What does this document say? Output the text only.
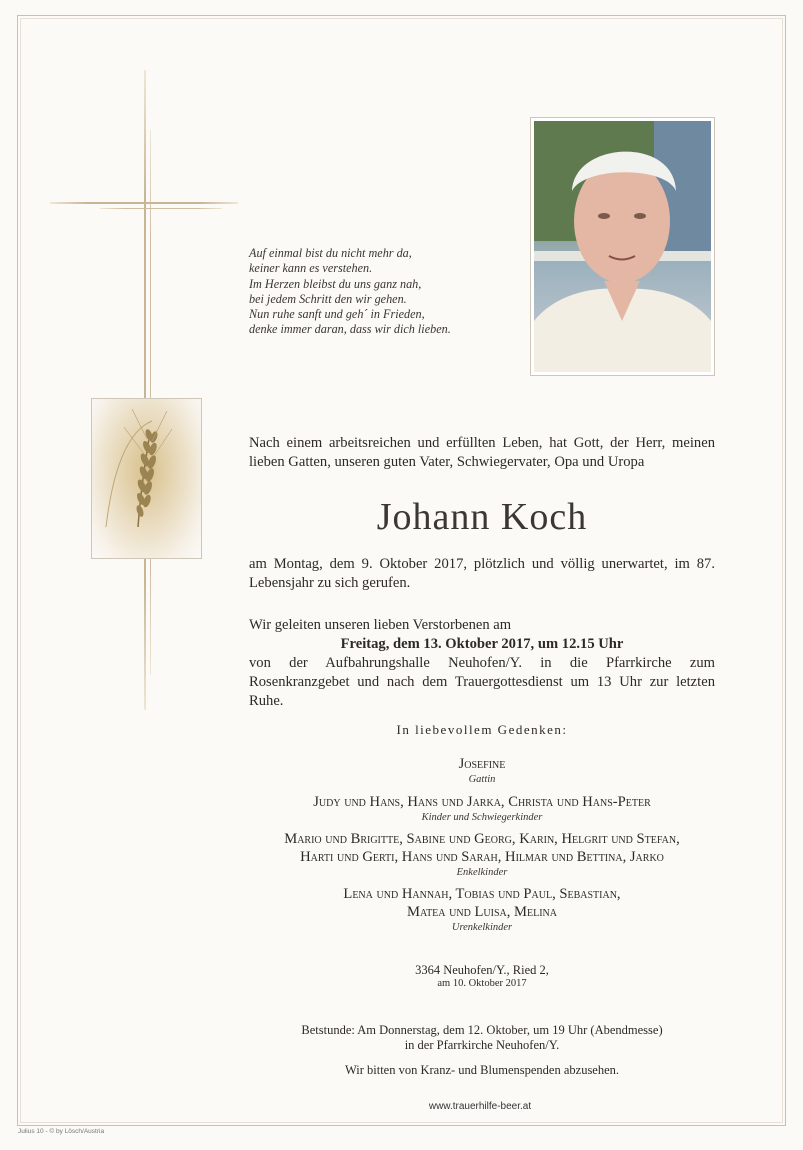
Auf einmal bist du nicht mehr da,
keiner kann es verstehen.
Im Herzen bleibst du uns ganz nah,
bei jedem Schritt den wir gehen.
Nun ruhe sanft und geh´ in Frieden,
denke immer daran, dass wir dich lieben.
Nach einem arbeitsreichen und erfüllten Leben, hat Gott, der Herr, meinen lieben Gatten, unseren guten Vater, Schwiegervater, Opa und Uropa
Johann Koch
am Montag, dem 9. Oktober 2017, plötzlich und völlig unerwartet, im 87. Lebensjahr zu sich gerufen.
Wir geleiten unseren lieben Verstorbenen am
Freitag, dem 13. Oktober 2017, um 12.15 Uhr
von der Aufbahrungshalle Neuhofen/Y. in die Pfarrkirche zum Rosenkranzgebet und nach dem Trauergottesdienst um 13 Uhr zur letzten Ruhe.
In liebevollem Gedenken:
Josefine
Gattin
Judy und Hans, Hans und Jarka, Christa und Hans-Peter
Kinder und Schwiegerkinder
Mario und Brigitte, Sabine und Georg, Karin, Helgrit und Stefan,
Harti und Gerti, Hans und Sarah, Hilmar und Bettina, Jarko
Enkelkinder
Lena und Hannah, Tobias und Paul, Sebastian,
Matea und Luisa, Melina
Urenkelkinder
3364 Neuhofen/Y., Ried 2,
am 10. Oktober 2017
Betstunde: Am Donnerstag, dem 12. Oktober, um 19 Uhr (Abendmesse)
in der Pfarrkirche Neuhofen/Y.
Wir bitten von Kranz- und Blumenspenden abzusehen.
www.trauerhilfe-beer.at
Julius 10 - © by Lösch/Austria
